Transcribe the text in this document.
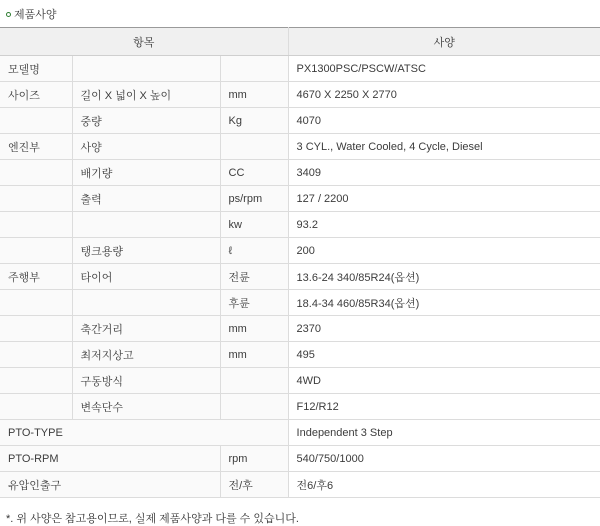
제품사양
항목			사양
모델명			PX1300PSC/PSCW/ATSC
사이즈	길이 X 넓이 X 높이	mm	4670 X 2250 X 2770
	중량	Kg	4070
엔진부	사양		3 CYL., Water Cooled, 4 Cycle, Diesel
	배기량	CC	3409
	출력	ps/rpm	127 / 2200
		kw	93.2
	탱크용량	ℓ	200
주행부	타이어	전륜	13.6-24 340/85R24(옵션)
		후륜	18.4-34 460/85R34(옵션)
	축간거리	mm	2370
	최저지상고	mm	495
	구동방식		4WD
	변속단수		F12/R12
PTO-TYPE			Independent 3 Step
PTO-RPM		rpm	540/750/1000
유압인출구		전/후	전6/후6
*. 위 사양은 참고용이므로, 실제 제품사양과 다를 수 있습니다.
